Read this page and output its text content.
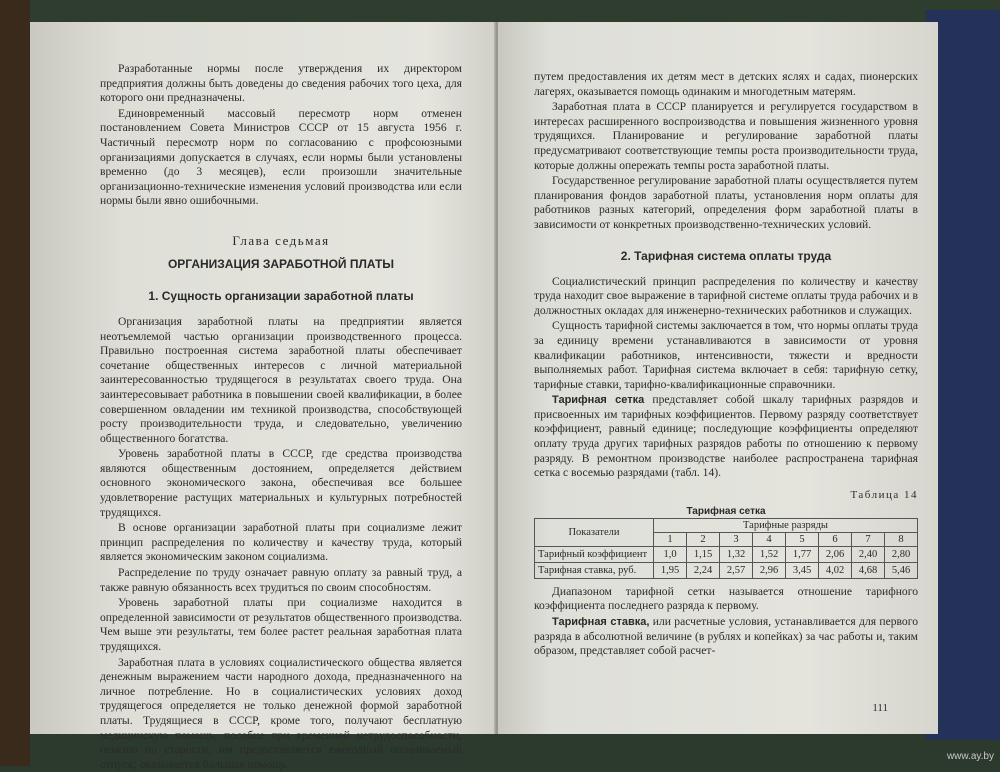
Разработанные нормы после утверждения их директором предприятия должны быть доведены до сведения рабочих того цеха, для которого они предназначены.

Единовременный массовый пересмотр норм отменен постановлением Совета Министров СССР от 15 августа 1956 г. Частичный пересмотр норм по согласованию с профсоюзными организациями допускается в случаях, если нормы были установлены временно (до 3 месяцев), если произошли значительные организационно-технические изменения условий производства или если нормы были явно ошибочными.

Глава седьмая
ОРГАНИЗАЦИЯ ЗАРАБОТНОЙ ПЛАТЫ
1. Сущность организации заработной платы

Организация заработной платы на предприятии является неотъемлемой частью организации производственного процесса. Правильно построенная система заработной платы обеспечивает сочетание общественных интересов с личной материальной заинтересованностью трудящегося в результатах своего труда. Она заинтересовывает работника в повышении своей квалификации, в более совершенном овладении им техникой производства, способствующей росту производительности труда, и следовательно, увеличению общественного богатства.

Уровень заработной платы в СССР, где средства производства являются общественным достоянием, определяется действием основного экономического закона, обеспечивая все большее удовлетворение растущих материальных и культурных потребностей трудящихся.

В основе организации заработной платы при социализме лежит принцип распределения по количеству и качеству труда, который является экономическим законом социализма.

Распределение по труду означает равную оплату за равный труд, а также равную обязанность всех трудиться по своим способностям.

Уровень заработной платы при социализме находится в определенной зависимости от результатов общественного производства. Чем выше эти результаты, тем более растет реальная заработная плата трудящихся.

Заработная плата в условиях социалистического общества является денежным выражением части народного дохода, предназначенного на личное потребление. Но в социалистических условиях доход трудящегося определяется не только денежной формой заработной платы. Трудящиеся в СССР, кроме того, получают бесплатную медицинскую помощь, пособие при временной нетрудоспособности, пенсию по старости; им предоставляется ежегодный оплачиваемый отпуск; оказывается большая помощь

путем предоставления их детям мест в детских яслях и садах, пионерских лагерях, оказывается помощь одинаким и многодетным матерям.

Заработная плата в СССР планируется и регулируется государством в интересах расширенного воспроизводства и повышения жизненного уровня трудящихся. Планирование и регулирование заработной платы предусматривают соответствующие темпы роста производительности труда, которые должны опережать темпы роста заработной платы.

Государственное регулирование заработной платы осуществляется путем планирования фондов заработной платы, установления норм оплаты для работников разных категорий, определения форм заработной платы в зависимости от конкретных производственно-технических условий.

2. Тарифная система оплаты труда

Социалистический принцип распределения по количеству и качеству труда находит свое выражение в тарифной системе оплаты труда рабочих и в должностных окладах для инженерно-технических работников и служащих.

Сущность тарифной системы заключается в том, что нормы оплаты труда за единицу времени устанавливаются в зависимости от уровня квалификации работников, интенсивности, тяжести и вредности выполняемых работ. Тарифная система включает в себя: тарифную сетку, тарифные ставки, тарифно-квалификационные справочники.

Тарифная сетка представляет собой шкалу тарифных разрядов и присвоенных им тарифных коэффициентов. Первому разряду соответствует коэффициент, равный единице; последующие коэффициенты определяют оплату труда других тарифных разрядов работы по отношению к первому разряду. В ремонтном производстве наиболее распространена тарифная сетка с восемью разрядами (табл. 14).

Таблица 14
Тарифная сетка								
Показатели	Тарифные разряды							
	1	2	3	4	5	6	7	8
Тарифный коэффициент	1,0	1,15	1,32	1,52	1,77	2,06	2,40	2,80
Тарифная ставка, руб.	1,95	2,24	2,57	2,96	3,45	4,02	4,68	5,46

Диапазоном тарифной сетки называется отношение тарифного коэффициента последнего разряда к первому.

Тарифная ставка, или расчетные условия, устанавливается для первого разряда в абсолютной величине (в рублях и копейках) за час работы и, таким образом, представляет собой расчет-

111
www.ay.by
